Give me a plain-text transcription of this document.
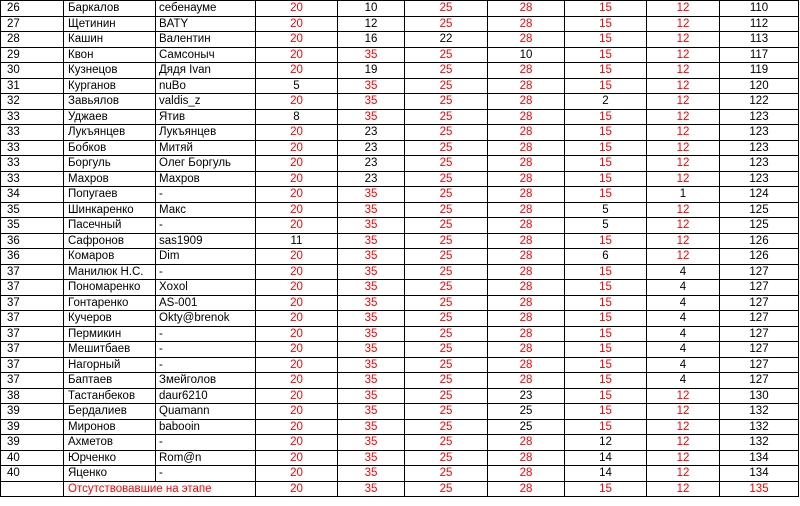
26	Баркалов	себенауме	20	10	25	28	15	12	110
27	Щетинин	BATY	20	12	25	28	15	12	112
28	Кашин	Валентин	20	16	22	28	15	12	113
29	Квон	Самсоныч	20	35	25	10	15	12	117
30	Кузнецов	Дядя Ivan	20	19	25	28	15	12	119
31	Курганов	nuBo	5	35	25	28	15	12	120
32	Завьялов	valdis_z	20	35	25	28	2	12	122
33	Уджаев	Ятив	8	35	25	28	15	12	123
33	Лукъянцев	Лукъянцев	20	23	25	28	15	12	123
33	Бобков	Митяй	20	23	25	28	15	12	123
33	Боргуль	Олег Боргуль	20	23	25	28	15	12	123
33	Махров	Махров	20	23	25	28	15	12	123
34	Попугаев	-	20	35	25	28	15	1	124
35	Шинкаренко	Макс	20	35	25	28	5	12	125
35	Пасечный	-	20	35	25	28	5	12	125
36	Сафронов	sas1909	11	35	25	28	15	12	126
36	Комаров	Dim	20	35	25	28	6	12	126
37	Манилюк Н.С.	-	20	35	25	28	15	4	127
37	Пономаренко	Xoxol	20	35	25	28	15	4	127
37	Гонтаренко	AS-001	20	35	25	28	15	4	127
37	Кучеров	Okty@brenok	20	35	25	28	15	4	127
37	Пермикин	-	20	35	25	28	15	4	127
37	Мешитбаев	-	20	35	25	28	15	4	127
37	Нагорный	-	20	35	25	28	15	4	127
37	Баптаев	Змейголов	20	35	25	28	15	4	127
38	Тастанбеков	daur6210	20	35	25	23	15	12	130
39	Бердалиев	Quamann	20	35	25	25	15	12	132
39	Миронов	babooin	20	35	25	25	15	12	132
39	Ахметов	-	20	35	25	28	12	12	132
40	Юрченко	Rom@n	20	35	25	28	14	12	134
40	Яценко	-	20	35	25	28	14	12	134
	Отсутствовавшие на этапе		20	35	25	28	15	12	135
